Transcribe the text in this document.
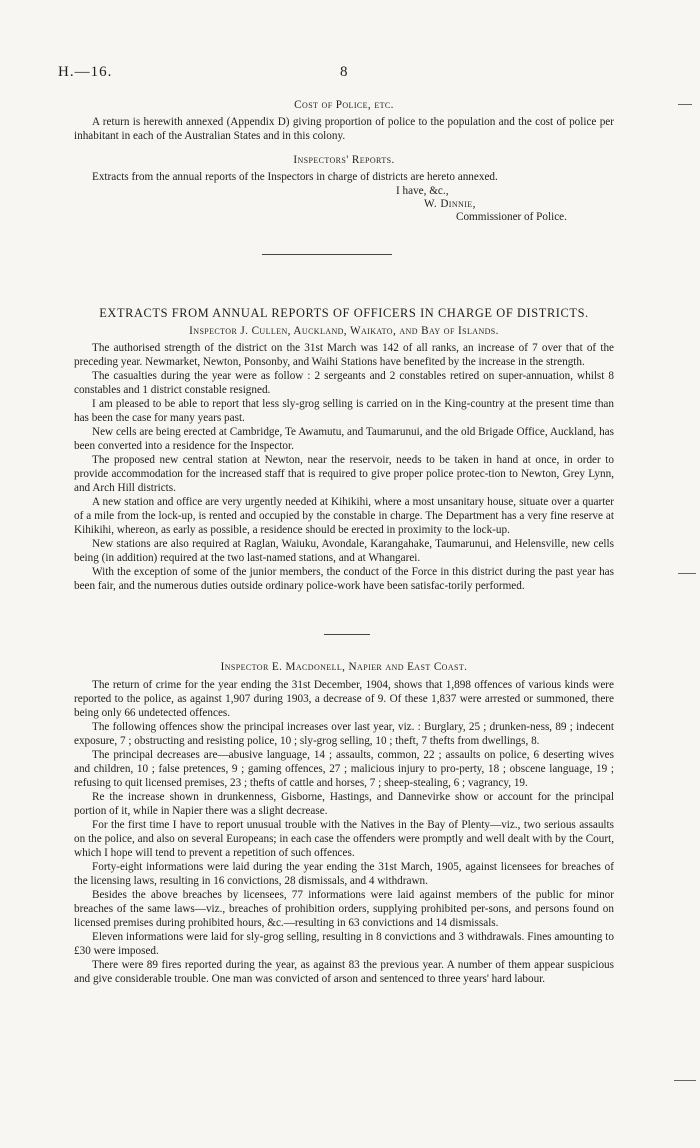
H.—16.	8
Cost of Police, etc.

A return is herewith annexed (Appendix D) giving proportion of police to the population and the cost of police per inhabitant in each of the Australian States and in this colony.

Inspectors' Reports.

Extracts from the annual reports of the Inspectors in charge of districts are hereto annexed.

I have, &c.,
W. Dinnie,
Commissioner of Police.
EXTRACTS FROM ANNUAL REPORTS OF OFFICERS IN CHARGE OF DISTRICTS.
Inspector J. Cullen, Auckland, Waikato, and Bay of Islands.

The authorised strength of the district on the 31st March was 142 of all ranks, an increase of 7 over that of the preceding year. Newmarket, Newton, Ponsonby, and Waihi Stations have benefited by the increase in the strength.

The casualties during the year were as follow : 2 sergeants and 2 constables retired on super-annuation, whilst 8 constables and 1 district constable resigned.

I am pleased to be able to report that less sly-grog selling is carried on in the King-country at the present time than has been the case for many years past.

New cells are being erected at Cambridge, Te Awamutu, and Taumarunui, and the old Brigade Office, Auckland, has been converted into a residence for the Inspector.

The proposed new central station at Newton, near the reservoir, needs to be taken in hand at once, in order to provide accommodation for the increased staff that is required to give proper police protec-tion to Newton, Grey Lynn, and Arch Hill districts.

A new station and office are very urgently needed at Kihikihi, where a most unsanitary house, situate over a quarter of a mile from the lock-up, is rented and occupied by the constable in charge. The Department has a very fine reserve at Kihikihi, whereon, as early as possible, a residence should be erected in proximity to the lock-up.

New stations are also required at Raglan, Waiuku, Avondale, Karangahake, Taumarunui, and Helensville, new cells being (in addition) required at the two last-named stations, and at Whangarei.

With the exception of some of the junior members, the conduct of the Force in this district during the past year has been fair, and the numerous duties outside ordinary police-work have been satisfac-torily performed.

Inspector E. Macdonell, Napier and East Coast.

The return of crime for the year ending the 31st December, 1904, shows that 1,898 offences of various kinds were reported to the police, as against 1,907 during 1903, a decrease of 9. Of these 1,837 were arrested or summoned, there being only 66 undetected offences.

The following offences show the principal increases over last year, viz. : Burglary, 25 ; drunken-ness, 89 ; indecent exposure, 7 ; obstructing and resisting police, 10 ; sly-grog selling, 10 ; theft, 7 thefts from dwellings, 8.

The principal decreases are—abusive language, 14 ; assaults, common, 22 ; assaults on police, 6 deserting wives and children, 10 ; false pretences, 9 ; gaming offences, 27 ; malicious injury to pro-perty, 18 ; obscene language, 19 ; refusing to quit licensed premises, 23 ; thefts of cattle and horses, 7 ; sheep-stealing, 6 ; vagrancy, 19.

Re the increase shown in drunkenness, Gisborne, Hastings, and Dannevirke show or account for the principal portion of it, while in Napier there was a slight decrease.

For the first time I have to report unusual trouble with the Natives in the Bay of Plenty—viz., two serious assaults on the police, and also on several Europeans; in each case the offenders were promptly and well dealt with by the Court, which I hope will tend to prevent a repetition of such offences.

Forty-eight informations were laid during the year ending the 31st March, 1905, against licensees for breaches of the licensing laws, resulting in 16 convictions, 28 dismissals, and 4 withdrawn.

Besides the above breaches by licensees, 77 informations were laid against members of the public for minor breaches of the same laws—viz., breaches of prohibition orders, supplying prohibited per-sons, and persons found on licensed premises during prohibited hours, &c.—resulting in 63 convictions and 14 dismissals.

Eleven informations were laid for sly-grog selling, resulting in 8 convictions and 3 withdrawals. Fines amounting to £30 were imposed.

There were 89 fires reported during the year, as against 83 the previous year. A number of them appear suspicious and give considerable trouble. One man was convicted of arson and sentenced to three years' hard labour.
